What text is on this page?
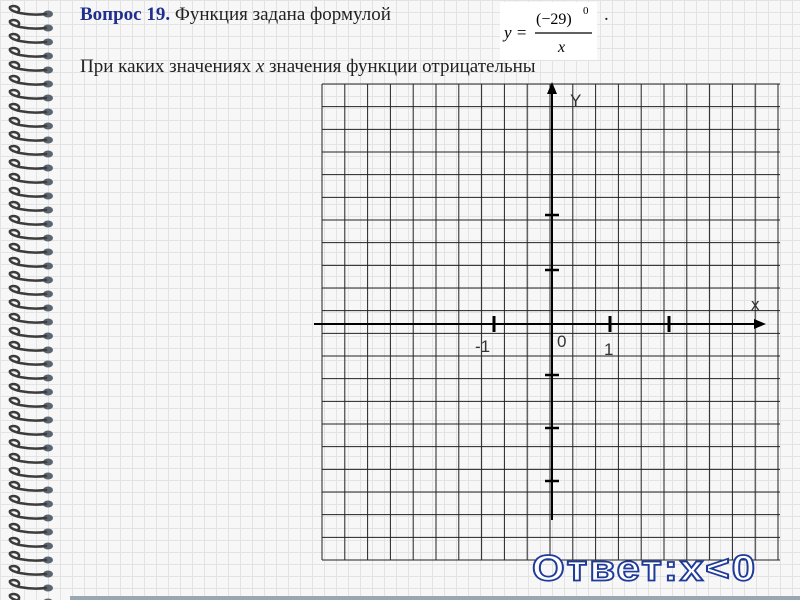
Вопрос 19. Функция задана формулой
y =
(−29) 0
x
.
При каких значениях x значения функции отрицательны
Y
x
0
-1	1
Ответ:х<0
